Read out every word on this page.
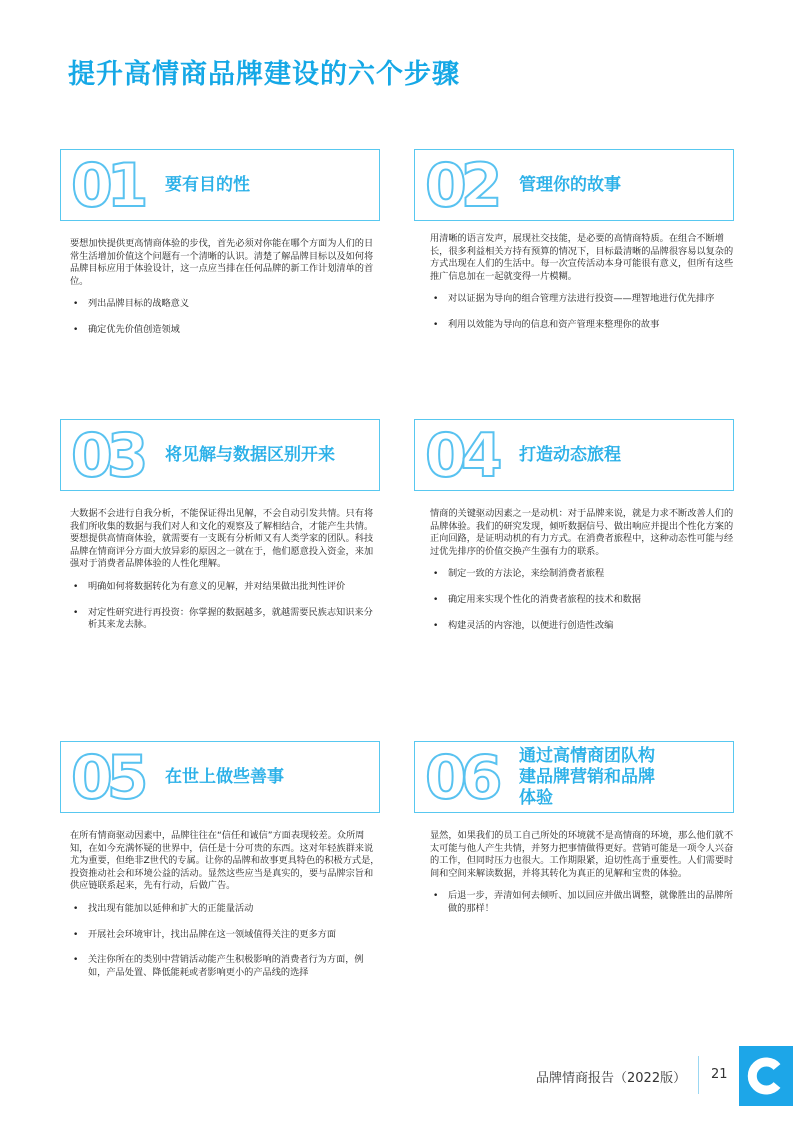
提升高情商品牌建设的六个步骤
01 要有目的性

要想加快提供更高情商体验的步伐，首先必须对你能在哪个方面为人们的日常生活增加价值这个问题有一个清晰的认识。清楚了解品牌目标以及如何将品牌目标应用于体验设计，这一点应当排在任何品牌的新工作计划清单的首位。

• 列出品牌目标的战略意义
• 确定优先价值创造领域
02 管理你的故事

用清晰的语言发声，展现社交技能，是必要的高情商特质。在组合不断增长，很多利益相关方持有预算的情况下，目标最清晰的品牌很容易以复杂的方式出现在人们的生活中。每一次宣传活动本身可能很有意义，但所有这些推广信息加在一起就变得一片模糊。

• 对以证据为导向的组合管理方法进行投资——理智地进行优先排序
• 利用以效能为导向的信息和资产管理来整理你的故事
03 将见解与数据区别开来

大数据不会进行自我分析，不能保证得出见解，不会自动引发共情。只有将我们所收集的数据与我们对人和文化的观察及了解相结合，才能产生共情。要想提供高情商体验，就需要有一支既有分析师又有人类学家的团队。科技品牌在情商评分方面大放异彩的原因之一就在于，他们愿意投入资金，来加强对于消费者品牌体验的人性化理解。

• 明确如何将数据转化为有意义的见解，并对结果做出批判性评价
• 对定性研究进行再投资：你掌握的数据越多，就越需要民族志知识来分析其来龙去脉。
04 打造动态旅程

情商的关键驱动因素之一是动机：对于品牌来说，就是力求不断改善人们的品牌体验。我们的研究发现，倾听数据信号、做出响应并提出个性化方案的正向回路，是证明动机的有力方式。在消费者旅程中，这种动态性可能与经过优先排序的价值交换产生强有力的联系。

• 制定一致的方法论，来绘制消费者旅程
• 确定用来实现个性化的消费者旅程的技术和数据
• 构建灵活的内容池，以便进行创造性改编
05 在世上做些善事

在所有情商驱动因素中，品牌往往在“信任和诚信”方面表现较差。众所周知，在如今充满怀疑的世界中，信任是十分可贵的东西。这对年轻族群来说尤为重要，但绝非Z世代的专属。让你的品牌和故事更具特色的积极方式是，投资推动社会和环境公益的活动。显然这些应当是真实的，要与品牌宗旨和供应链联系起来，先有行动，后做广告。

• 找出现有能加以延伸和扩大的正能量活动
• 开展社会环境审计，找出品牌在这一领域值得关注的更多方面
• 关注你所在的类别中营销活动能产生积极影响的消费者行为方面，例如，产品处置、降低能耗或者影响更小的产品线的选择
06 通过高情商团队构建品牌营销和品牌体验

显然，如果我们的员工自己所处的环境就不是高情商的环境，那么他们就不太可能与他人产生共情，并努力把事情做得更好。营销可能是一项令人兴奋的工作，但同时压力也很大。工作期限紧，迫切性高于重要性。人们需要时间和空间来解读数据，并将其转化为真正的见解和宝贵的体验。

• 后退一步，弄清如何去倾听、加以回应并做出调整，就像胜出的品牌所做的那样！
品牌情商报告（2022版） 21
